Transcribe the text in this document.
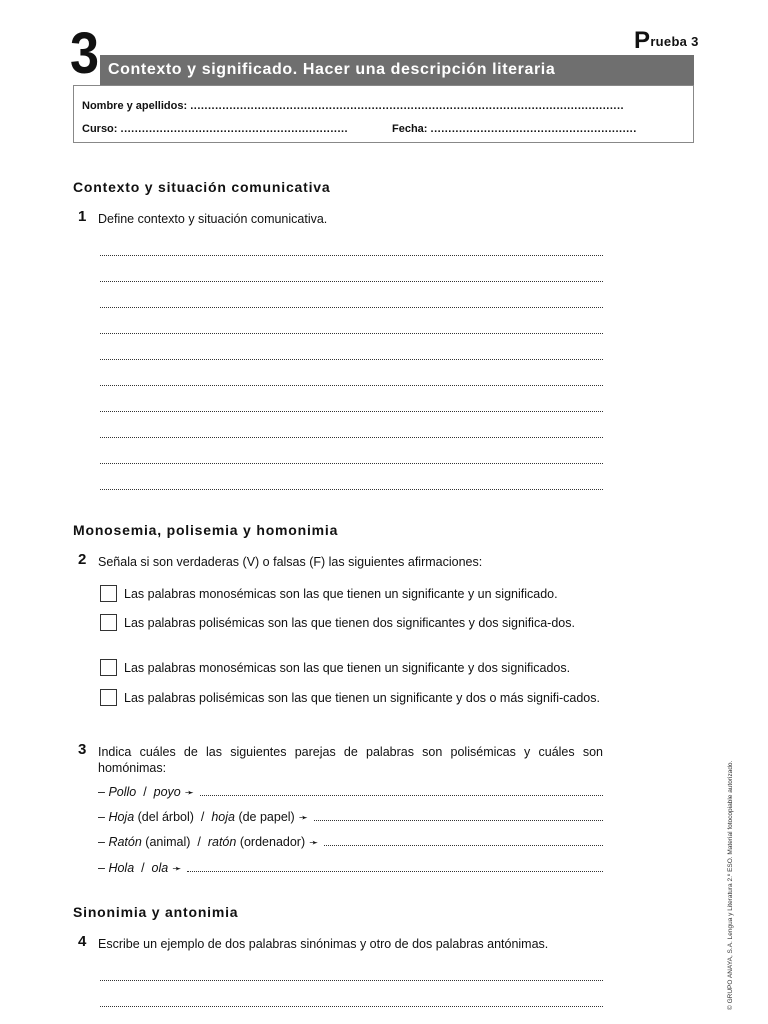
3	Prueba 3
Contexto y significado. Hacer una descripción literaria
Nombre y apellidos: ..........................................................................................................................
Curso: ................................................................	Fecha: ..........................................................
Contexto y situación comunicativa
1 Define contexto y situación comunicativa.
Monosemia, polisemia y homonimia
2 Señala si son verdaderas (V) o falsas (F) las siguientes afirmaciones:
Las palabras monosémicas son las que tienen un significante y un significado.
Las palabras polisémicas son las que tienen dos significantes y dos significa-dos.
Las palabras monosémicas son las que tienen un significante y dos significados.
Las palabras polisémicas son las que tienen un significante y dos o más signifi-cados.
3 Indica cuáles de las siguientes parejas de palabras son polisémicas y cuáles son homónimas:
–
Pollo
/
poyo ➛
–
Hoja
(del árbol)
/
hoja
(de papel) ➛
–
Ratón
(animal)
/
ratón
(ordenador) ➛
–
Hola
/
ola ➛
Sinonimia y antonimia
4 Escribe un ejemplo de dos palabras sinónimas y otro de dos palabras antónimas.	© GRUPO ANAYA, S.A. Lengua y Literatura 2.º ESO. Material fotocopiable autorizado.
